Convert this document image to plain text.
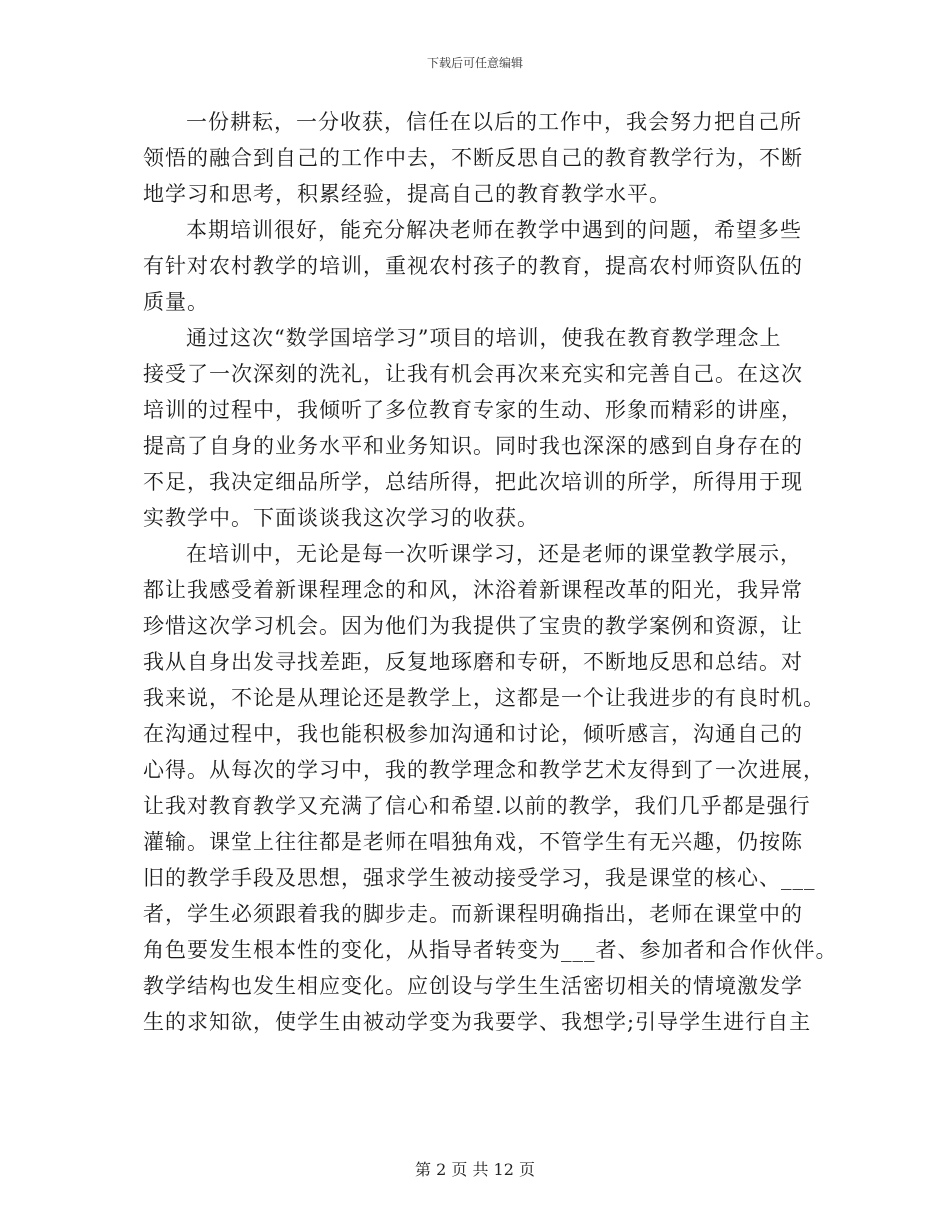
下载后可任意编辑
一份耕耘，一分收获，信任在以后的工作中，我会努力把自己所
领悟的融合到自己的工作中去，不断反思自己的教育教学行为，不断
地学习和思考，积累经验，提高自己的教育教学水平。
本期培训很好，能充分解决老师在教学中遇到的问题，希望多些
有针对农村教学的培训，重视农村孩子的教育，提高农村师资队伍的
质量。
通过这次“数学国培学习”项目的培训，使我在教育教学理念上
接受了一次深刻的洗礼，让我有机会再次来充实和完善自己。在这次
培训的过程中，我倾听了多位教育专家的生动、形象而精彩的讲座，
提高了自身的业务水平和业务知识。同时我也深深的感到自身存在的
不足，我决定细品所学，总结所得，把此次培训的所学，所得用于现
实教学中。下面谈谈我这次学习的收获。
在培训中，无论是每一次听课学习，还是老师的课堂教学展示，
都让我感受着新课程理念的和风，沐浴着新课程改革的阳光，我异常
珍惜这次学习机会。因为他们为我提供了宝贵的教学案例和资源，让
我从自身出发寻找差距，反复地琢磨和专研，不断地反思和总结。对
我来说，不论是从理论还是教学上，这都是一个让我进步的有良时机。
在沟通过程中，我也能积极参加沟通和讨论，倾听感言，沟通自己的
心得。从每次的学习中，我的教学理念和教学艺术友得到了一次进展，
让我对教育教学又充满了信心和希望.以前的教学，我们几乎都是强行
灌输。课堂上往往都是老师在唱独角戏，不管学生有无兴趣，仍按陈
旧的教学手段及思想，强求学生被动接受学习，我是课堂的核心、___
者，学生必须跟着我的脚步走。而新课程明确指出，老师在课堂中的
角色要发生根本性的变化，从指导者转变为___者、参加者和合作伙伴。
教学结构也发生相应变化。应创设与学生生活密切相关的情境激发学
生的求知欲，使学生由被动学变为我要学、我想学;引导学生进行自主
第 2 页 共 12 页
